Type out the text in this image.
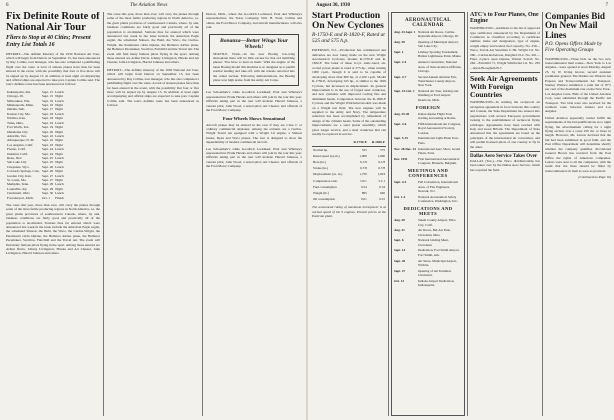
6	The Aviation News
Fix Definite Route of National Air Tour
Fliers to Stop at 40 Cities; Present Entry List Totals 16
DETROIT—The definite itinerary of the 1930 National Air Tour, which will begin from Detroit on September 15, has been announced by Ray Collins, tour manager, who has also completed a pathfinding flight over the route. A total of sixteen planes have thus far been entered in the event, with the possibility that four or five more will be signed up by August 15. In addition at least eight accompanying and official ships are expected to take part, Captain Collins said. The tour's definite route has been announced as follows:
Indianapolis, Ind.	Sept. 15	Lunch
Chicago, Ill.	Sept. 15	Night
Milwaukee, Wis.	Sept. 16	Lunch
Minneapolis, Minn.	Sept. 16	Night
Omaha, Neb.	Sept. 17	Night
Kansas City, Mo.	Sept. 18	Lunch
Wichita, Kan.	Sept. 18	Night
Tulsa, Okla.	Sept. 19	Lunch
Fort Worth, Tex.	Sept. 19	Night
Oklahoma City	Sept. 20	Night
Amarillo, Tex.	Sept. 22	Lunch
Albuquerque, N. M.	Sept. 22	Night
Los Angeles, Calif.	Sept. 23	Night
Fresno, Calif.	Sept. 24	Lunch
Oakland, Calif.	Sept. 24	Night
Reno, Nev.	Sept. 25	Lunch
Salt Lake City	Sept. 25	Night
Cheyenne, Wyo.	Sept. 26	Lunch
Colorado Springs, Colo.	Sept. 26	Night
Garden City, Kan.	Sept. 27	Lunch
St. Louis, Mo.	Sept. 27	Night
Memphis, Tenn.	Sept. 29	Lunch
Louisville, Ky.	Sept. 29	Night
Cincinnati, Ohio	Sept. 30	Lunch
Ford Airport, Mich.	Oct. 1	Finish
The route this year, more than ever, will carry the planes through some of the most fertile producing regions in North America, i.e. the great plains provinces of southwestern Canada, where, by and, business conditions are fairly good and practically all of the population is air-minded. Stations thus far entered which were announced last week in the issue include the American Eagle eaglet, the scheduled Stinson, the Buhl, the Waco, the Curtiss-Wright, the Paramount cabin biplane, the Bellanca Airbus plane, the Bellanca Pacemaker, Swallow, Fairchild and the Travel Air. The event will find many famous pilots flying in the sport. Among those entered are Arthur Davis, Johnny Livingston, Hawks and Art Chester, John Livingston, Harold Johnson and others.
The route this year, more than ever, will carry the planes through some of the most fertile producing regions in North America, i.e. the great plains provinces of southwestern Canada, where, by and, business conditions are fairly good and practically all of the population is air-minded. Stations thus far entered which were announced last week in the issue include the American Eagle eaglet, the scheduled Stinson, the Buhl, the Waco, the Curtiss-Wright, the Paramount cabin biplane, the Bellanca Airbus plane, the Bellanca Pacemaker, Swallow, Fairchild and the Travel Air. The event will find many famous pilots flying in the sport. Among those entered are Arthur Davis, Johnny Livingston, Hawks and Art Chester, John Livingston, Harold Johnson and others.
DETROIT—The definite itinerary of the 1930 National Air Tour, which will begin from Detroit on September 15, has been announced by Ray Collins, tour manager, who has also completed a pathfinding flight over the route. A total of sixteen planes have thus far been entered in the event, with the possibility that four or five more will be signed up by August 15. In addition at least eight accompanying and official ships are expected to take part, Captain Collins said. The tour's definite route has been announced as follows:
Detroit, Mich., where the Goodrich Lockheed, Pratt and Whitney's representatives, the Texas Company, Wm. B. Stout, Collins and others, the Ford Motor Company, and aircraft manufacturers, will also join.
Bonanza—Better Wings Your Wheels!
SEATTLE, Wash.—In the new Boeing low-wing monoplane there will be little excuse for that old bumbling phrase: 'You have to land on them.' With the engine of the latest Boeing model this machine is so designed as to permit normal landing and take-off, with the wheels retracted into the center section. Following demonstrations, the Boeing plane won high praise from the Army Air Corps.
Lee Schoenhair's white Goodrich Lockheed; Pratt and Whitney's representatives Frank Hawks and others will join in the tour this year. Officials taking part in the tour will include: Harold Johnson, a veteran pilot; John Wood, a noted pilot; Art Chester, and officials of the Ford Motor Company.
Four Wheels Shows Sensational
Aircraft planes may be entered in the race if they are Class C or ordinary commercial airplanes. Among the entrants are a Curtiss-Wright Travel Air equipped with a Wright J-6 engine, a Stinson Junior, Ryan and Waco planes. The tour is designed to show the dependability of modern commercial aircraft.
Lee Schoenhair's white Goodrich Lockheed; Pratt and Whitney's representatives Frank Hawks and others will join in the tour this year. Officials taking part in the tour will include: Harold Johnson, a veteran pilot; John Wood, a noted pilot; Art Chester, and officials of the Ford Motor Company.
August 30, 1930	7
Start Production On New Cyclones
R-1750-E and R-1820-F, Rated at 525 and 575 h.p.
PATERSON, N.J.—Production has commenced and deliveries are now being made on the new Wright Aeronautical Cyclones, models R-1750-E and R-1820-F. The latest of these 9-cyl. static-rated, air-cooled power plants is rated at 575 hp., when turning 1900 r.p.m., though it is said to be capable of developing more than 600 hp. at 2,100 r.p.m. Model R-1750-E, developing 525 hp., is similar to the 1929 Cyclone, but increased in displacement. Its greatest improvement is in the use of forged steel crankcase, and new cylinders with improved cooling fins and aluminum heads. Comparison between the R-1820-F Cyclone and the Wright Whirlwind models was made on a Wright test field. The new engines will be supplied to the Army and Navy. The temperature reduction has been accomplished by refinement of design of the cylinder heads. Some of the outstanding improvements are a steel piston assembly, which gives longer service, and a steel crankcase that can readily be replaced in service.
	R-1750-E	R-1820-F
Normal hp.	525	575
Rated speed (r.p.m.)	1,900	1,900
Bore (in.)	6.1/8	6.1/8
Stroke (in.)	6.7/8	6.7/8
Displacement (cu. in.)	1,750	1,823
Compression ratio	5.0:1	5.1:1
Fuel consumption	0.54	0.54
Weight (lb.)	895	940
Oil consumption	0.01	0.01
The announced rating of maximum horsepower is at normal speed of the 9 engines. Present prices at the Paterson plant.
AERONAUTICAL CALENDAR
Aug. 23-Sept. 1 National Air Races, Curtiss-Reynolds Airport, Chicago, Ill.
Aug. 30	Opening of Municipal Airport, Salt Lake City.
Sept. 1	Lindsey Sporting Tournament, Ballast Lighthouse Point, Maine.
Sept. 2-4	Annual Convention, National Assn. of State Aviation Officials, Chicago.
Sept. 4-7	Second Annual Aviation Fair, Westchester County Airport, New York.
Sept. 15-Oct. 1 National Air Tour, starting and finishing at Ford Airport, Dearborn, Mich.
FOREIGN
Aug. 25-30	Italian Alpine Flight Tour, starting and ending at Rome.
Sept. 3-6	Fifth International Air Congress, Royal Aeronautical Society, London.
Sept. 5-15	International Light Plane Tour, Paris.
Nov. 28-Dec. 14 International Aero Show, Grand Palais, Paris.
Dec. 1931	First International Aeronautical Congress, Brussels, Belgium.
MEETINGS AND CONFERENCES
Sept. 4-5	Fall Convention, International Assn. of Fire Engineers, Newark, N.J.
Oct. 1-4	National Aeronautical Safety Conference, Washington, D.C.
DEDICATIONS AND MEETS
Aug. 30	Salem County Airport, Yuba City, Calif.
Aug. 31	Air Races, Bel-Air Park, Cleveland, Ohio.
Sept. 6	National Gliding Meet, Cleveland.
Sept. 14	Dedication, Fort Smith Airport, Fort Smith, Ark.
Sept. 20	Air Show, Municipal Airport, Wichita.
Sept. 27	Opening of Air Terminal, Cincinnati.
Oct. 12	Indiana Airport Dedication, Indianapolis.
ATC's to Four Planes, One Engine
WASHINGTON—Additions to the list of approved type certificates announced by the Department of Commerce as classified according to certificate number, make and designation, type of engine, weight empty and loaded, fuel capacity. No. 259—Waco, Travel-Air Stearman C-3R, Wright J-6. No. 260—Curtiss-Robertson, Kingbird D-2. No. 261—Fleet, 2-place open biplane, Warner Scarab. No. 262—Fairchild 71, Wright Whirlwind J-6. No. 263—Ryan Brougham B-7.
Seek Air Agreements With Foreign Countries
WASHINGTON—In sending the reciprocal air navigation agreement in force between this country and Canada, the State Department has entered into negotiations with several European governments looking to the establishment of reciprocal flying privileges. Agreements have been reached with Italy and Great Britain. The Department of State announced that the agreements are based on the principles of the international air convention, and will permit licensed pilots of one country to fly in the other.
Dallas Aero Service Takes Over
DALLAS (Tex.)—The Waco distributorship has been taken over by the Dallas Aero Service, which has acquired the field.
Companies Bid On New Mail Lines
P.O. Opens Offers Made by Five Operating Groups
WASHINGTON—Three bids on the two new transcontinental mail routes—New York to Los Angeles—were opened at noon Monday, August 25, by W. Irving Glover, second assistant postmaster general. The bidders are Western Air Express and Transcontinental Air Transport. Stanley Wallace submitted a joint bid of 87½ per cent of the maximum rate on the New York–Los Angeles route. Bids of the United Aviation Corp. were submitted through the Pacific Air Transport. Two bids were also received for the southern route between Atlanta and Los Angeles.
United Aviation apparently cannot fulfill the requirements of the bid qualifications as to night flying, the advertisement calling for a night flying section over a route 250 mi. or more in length. However, Mr. Larson declared that the bid had been submitted in good faith, and the Post Office Department will determine shortly whether the company qualifies. Provisional General Brown has received from the Post Office the rights of American companies. Letters were sent to all the companies, with the result that the lines should be filled by transcontinental air mail as soon as practical.
(Continued on Page 16)
